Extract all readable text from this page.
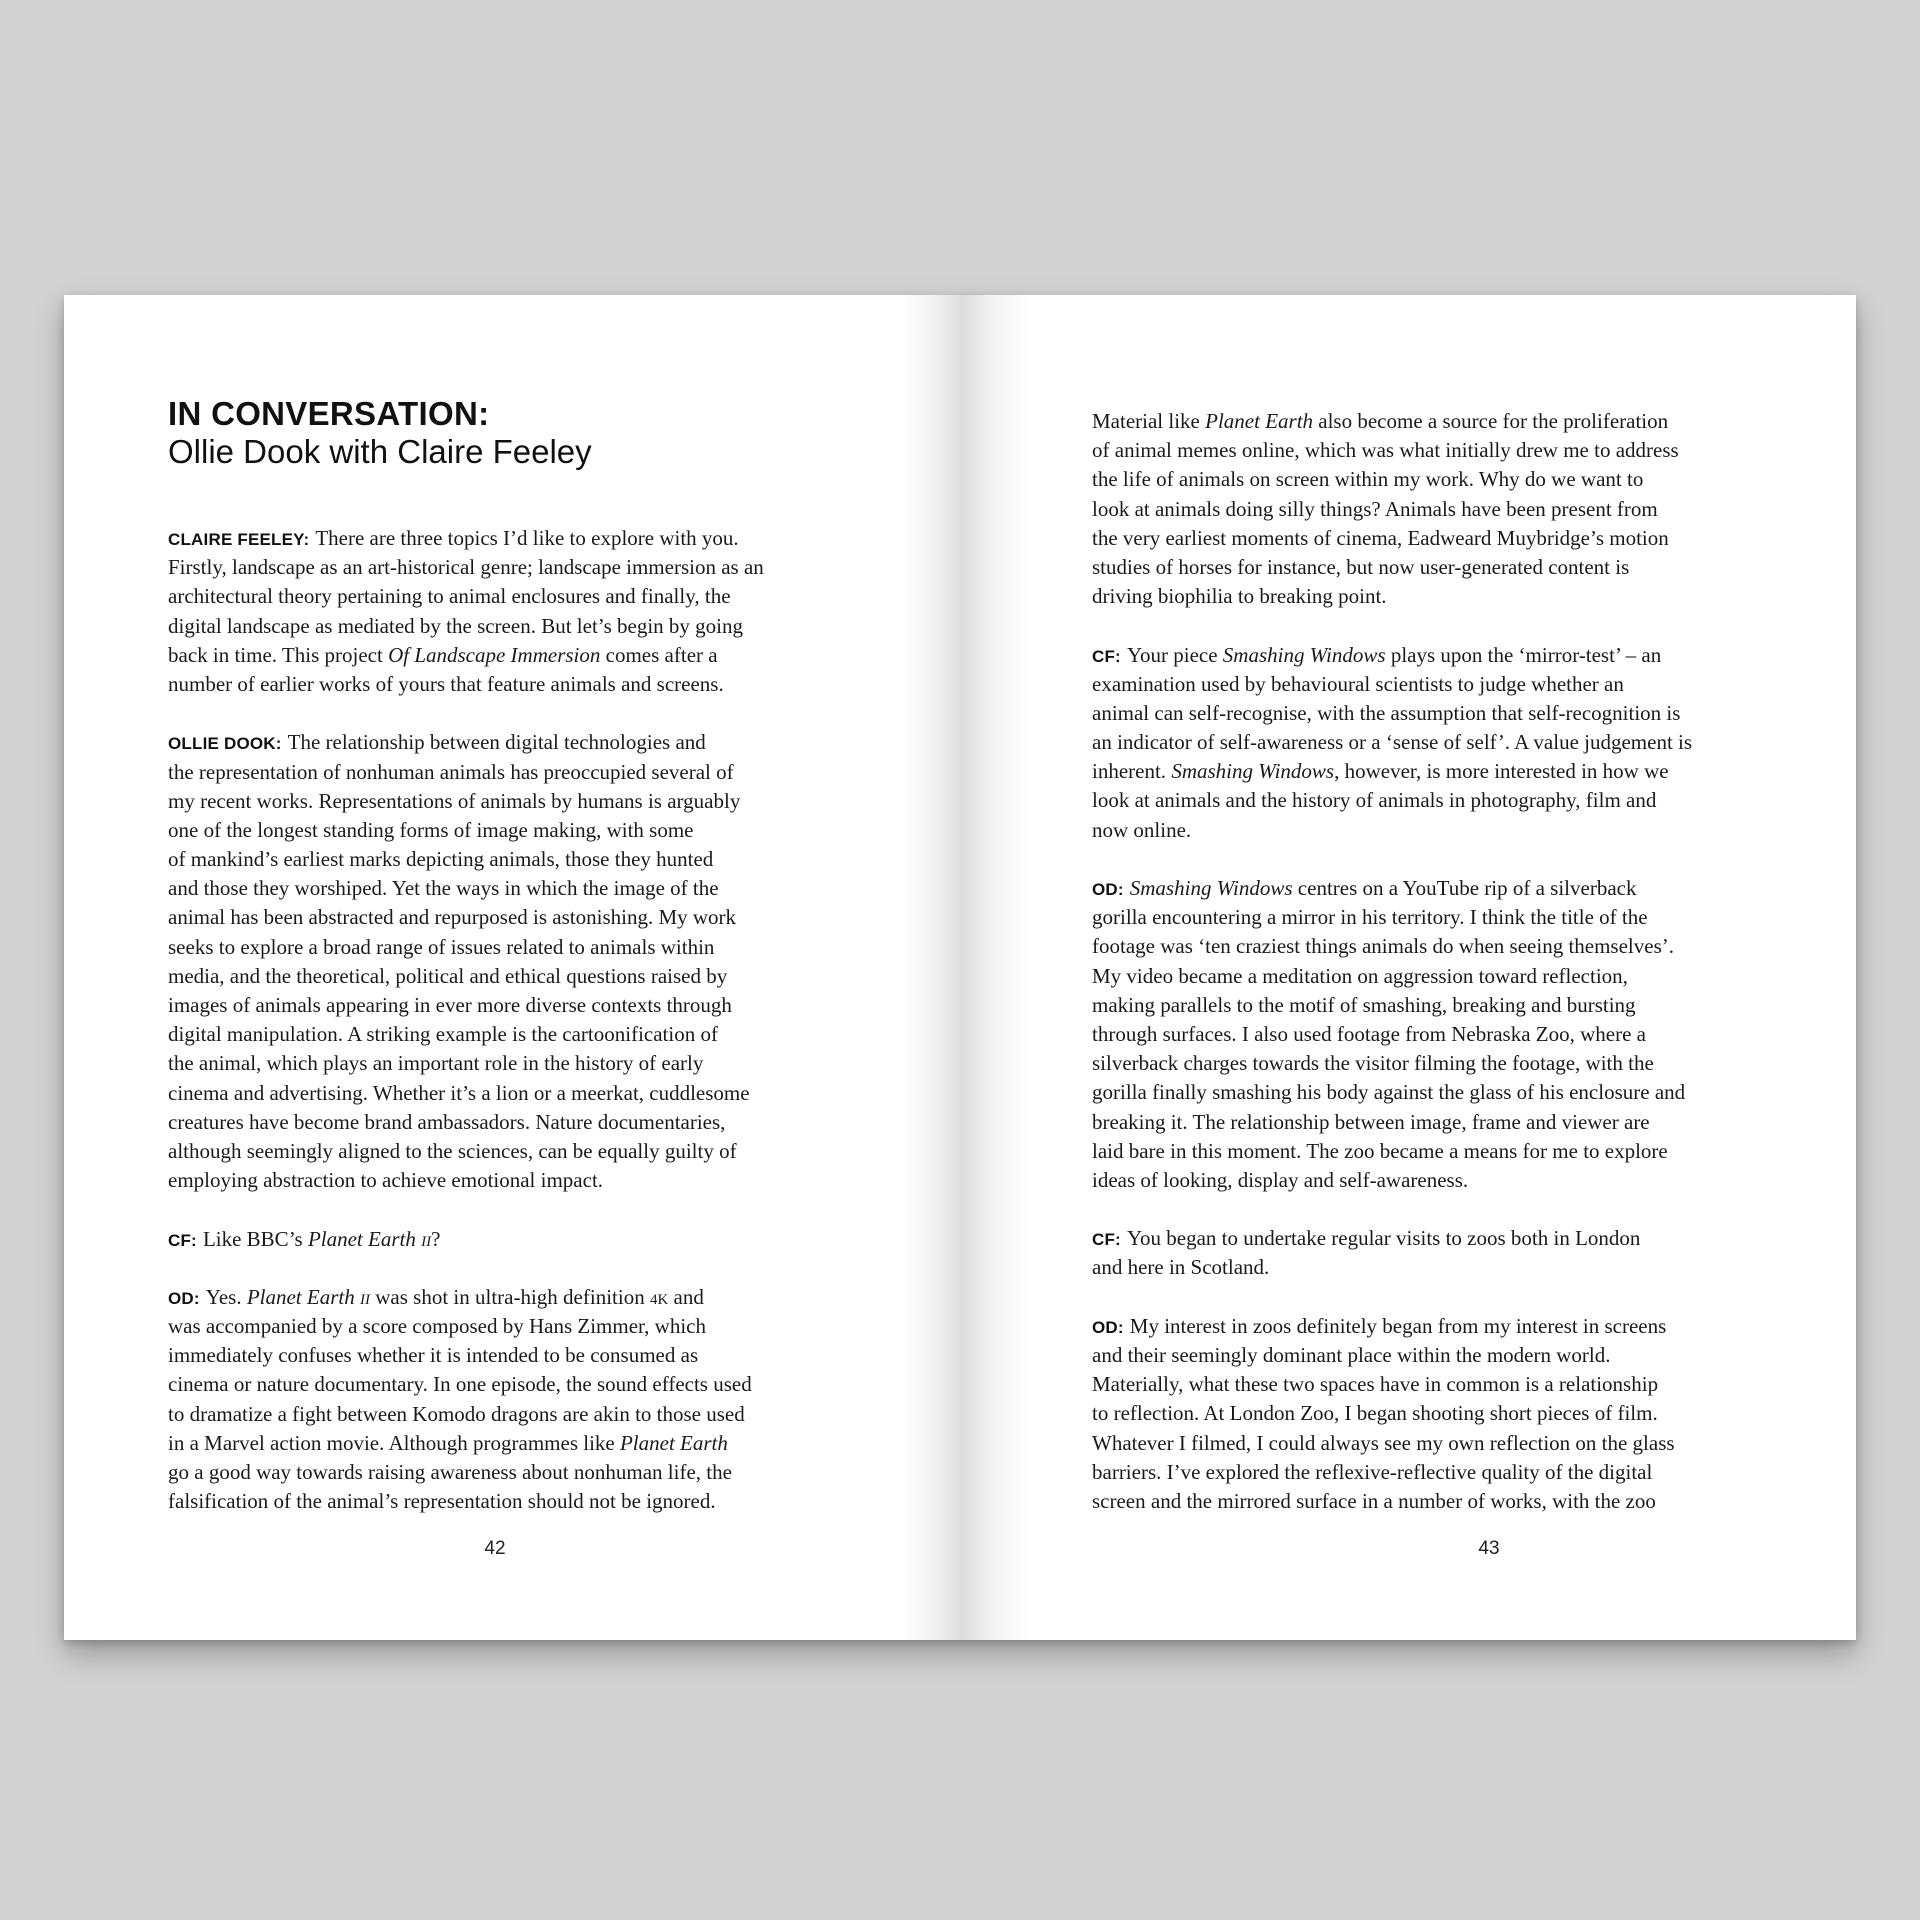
IN CONVERSATION:
Ollie Dook with Claire Feeley

CLAIRE FEELEY: There are three topics I’d like to explore with you.
Firstly, landscape as an art-historical genre; landscape immersion as an
architectural theory pertaining to animal enclosures and finally, the
digital landscape as mediated by the screen. But let’s begin by going
back in time. This project Of Landscape Immersion comes after a
number of earlier works of yours that feature animals and screens.

OLLIE DOOK: The relationship between digital technologies and
the representation of nonhuman animals has preoccupied several of
my recent works. Representations of animals by humans is arguably
one of the longest standing forms of image making, with some
of mankind’s earliest marks depicting animals, those they hunted
and those they worshiped. Yet the ways in which the image of the
animal has been abstracted and repurposed is astonishing. My work
seeks to explore a broad range of issues related to animals within
media, and the theoretical, political and ethical questions raised by
images of animals appearing in ever more diverse contexts through
digital manipulation. A striking example is the cartoonification of
the animal, which plays an important role in the history of early
cinema and advertising. Whether it’s a lion or a meerkat, cuddlesome
creatures have become brand ambassadors. Nature documentaries,
although seemingly aligned to the sciences, can be equally guilty of
employing abstraction to achieve emotional impact.

CF: Like BBC’s Planet Earth II?

OD: Yes. Planet Earth II was shot in ultra-high definition 4K and
was accompanied by a score composed by Hans Zimmer, which
immediately confuses whether it is intended to be consumed as
cinema or nature documentary. In one episode, the sound effects used
to dramatize a fight between Komodo dragons are akin to those used
in a Marvel action movie. Although programmes like Planet Earth
go a good way towards raising awareness about nonhuman life, the
falsification of the animal’s representation should not be ignored.

42

Material like Planet Earth also become a source for the proliferation
of animal memes online, which was what initially drew me to address
the life of animals on screen within my work. Why do we want to
look at animals doing silly things? Animals have been present from
the very earliest moments of cinema, Eadweard Muybridge’s motion
studies of horses for instance, but now user-generated content is
driving biophilia to breaking point.

CF: Your piece Smashing Windows plays upon the ‘mirror-test’ – an
examination used by behavioural scientists to judge whether an
animal can self-recognise, with the assumption that self-recognition is
an indicator of self-awareness or a ‘sense of self’. A value judgement is
inherent. Smashing Windows, however, is more interested in how we
look at animals and the history of animals in photography, film and
now online.

OD: Smashing Windows centres on a YouTube rip of a silverback
gorilla encountering a mirror in his territory. I think the title of the
footage was ‘ten craziest things animals do when seeing themselves’.
My video became a meditation on aggression toward reflection,
making parallels to the motif of smashing, breaking and bursting
through surfaces. I also used footage from Nebraska Zoo, where a
silverback charges towards the visitor filming the footage, with the
gorilla finally smashing his body against the glass of his enclosure and
breaking it. The relationship between image, frame and viewer are
laid bare in this moment. The zoo became a means for me to explore
ideas of looking, display and self-awareness.

CF: You began to undertake regular visits to zoos both in London
and here in Scotland.

OD: My interest in zoos definitely began from my interest in screens
and their seemingly dominant place within the modern world.
Materially, what these two spaces have in common is a relationship
to reflection. At London Zoo, I began shooting short pieces of film.
Whatever I filmed, I could always see my own reflection on the glass
barriers. I’ve explored the reflexive-reflective quality of the digital
screen and the mirrored surface in a number of works, with the zoo

43
